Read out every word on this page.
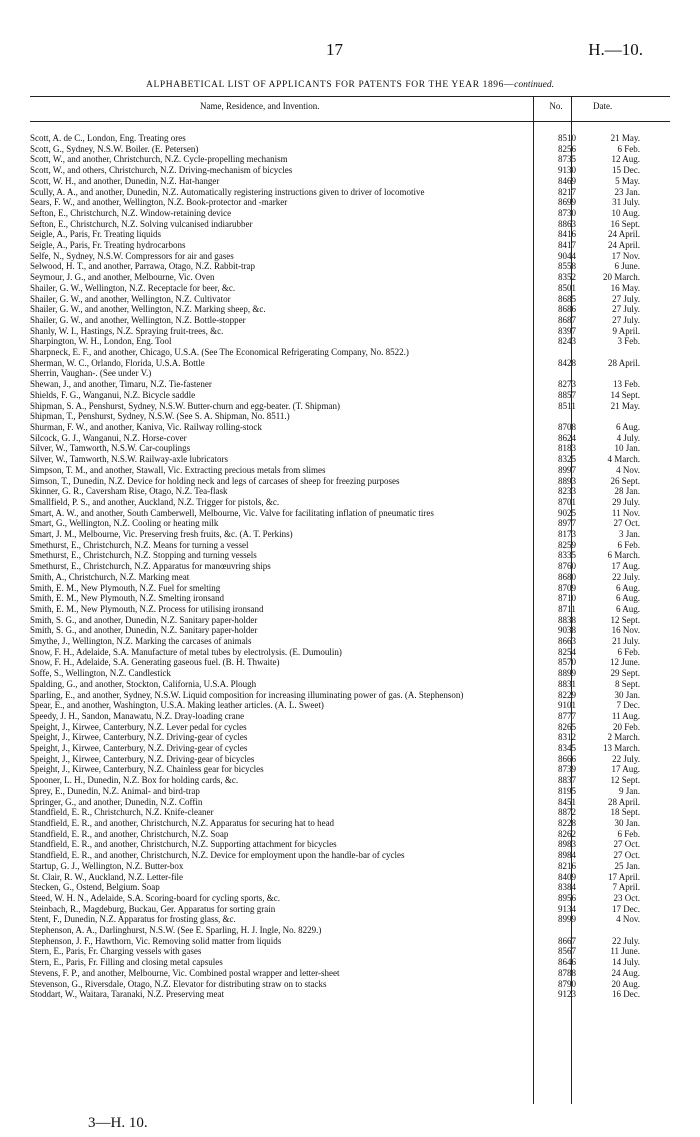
17	H.—10.
ALPHABETICAL LIST OF APPLICANTS FOR PATENTS FOR THE YEAR 1896—continued.
Name, Residence, and Invention.	No.	Date.
Scott, A. de C., London, Eng. Treating ores	8510	21 May.
Scott, G., Sydney, N.S.W. Boiler. (E. Petersen)	8256	6 Feb.
Scott, W., and another, Christchurch, N.Z. Cycle-propelling mechanism	8735	12 Aug.
Scott, W., and others, Christchurch, N.Z. Driving-mechanism of bicycles	9130	15 Dec.
Scott, W. H., and another, Dunedin, N.Z. Hat-hanger	8469	5 May.
Scully, A. A., and another, Dunedin, N.Z. Automatically registering instructions given to driver of locomotive	8217	23 Jan.
Sears, F. W., and another, Wellington, N.Z. Book-protector and -marker	8699	31 July.
Sefton, E., Christchurch, N.Z. Window-retaining device	8730	10 Aug.
Sefton, E., Christchurch, N.Z. Solving vulcanised indiarubber	8863	16 Sept.
Seigle, A., Paris, Fr. Treating liquids	8416	24 April.
Seigle, A., Paris, Fr. Treating hydrocarbons	8417	24 April.
Selfe, N., Sydney, N.S.W. Compressors for air and gases	9044	17 Nov.
Selwood, H. T., and another, Parrawa, Otago, N.Z. Rabbit-trap	8558	6 June.
Seymour, J. G., and another, Melbourne, Vic. Oven	8352	20 March.
Shailer, G. W., Wellington, N.Z. Receptacle for beer, &c.	8501	16 May.
Shailer, G. W., and another, Wellington, N.Z. Cultivator	8685	27 July.
Shailer, G. W., and another, Wellington, N.Z. Marking sheep, &c.	8686	27 July.
Shailer, G. W., and another, Wellington, N.Z. Bottle-stopper	8687	27 July.
Shanly, W. I., Hastings, N.Z. Spraying fruit-trees, &c.	8397	9 April.
Sharpington, W. H., London, Eng. Tool	8243	3 Feb.
Sharpneck, E. F., and another, Chicago, U.S.A. (See The Economical Refrigerating Company, No. 8522.)
Sherman, W. C., Orlando, Florida, U.S.A. Bottle	8428	28 April.
Sherrin, Vaughan-. (See under V.)
Shewan, J., and another, Timaru, N.Z. Tie-fastener	8273	13 Feb.
Shields, F. G., Wanganui, N.Z. Bicycle saddle	8857	14 Sept.
Shipman, S. A., Penshurst, Sydney, N.S.W. Butter-churn and egg-beater. (T. Shipman)	8511	21 May.
Shipman, T., Penshurst, Sydney, N.S.W. (See S. A. Shipman, No. 8511.)
Shurman, F. W., and another, Kaniva, Vic. Railway rolling-stock	8708	6 Aug.
Silcock, G. J., Wanganui, N.Z. Horse-cover	8624	4 July.
Silver, W., Tamworth, N.S.W. Car-couplings	8183	10 Jan.
Silver, W., Tamworth, N.S.W. Railway-axle lubricators	8325	4 March.
Simpson, T. M., and another, Stawall, Vic. Extracting precious metals from slimes	8997	4 Nov.
Simson, T., Dunedin, N.Z. Device for holding neck and legs of carcases of sheep for freezing purposes	8893	26 Sept.
Skinner, G. R., Caversham Rise, Otago, N.Z. Tea-flask	8233	28 Jan.
Smallfield, P. S., and another, Auckland, N.Z. Trigger for pistols, &c.	8701	29 July.
Smart, A. W., and another, South Camberwell, Melbourne, Vic. Valve for facilitating inflation of pneumatic tires	9025	11 Nov.
Smart, G., Wellington, N.Z. Cooling or heating milk	8977	27 Oct.
Smart, J. M., Melbourne, Vic. Preserving fresh fruits, &c. (A. T. Perkins)	8173	3 Jan.
Smethurst, E., Christchurch, N.Z. Means for turning a vessel	8259	6 Feb.
Smethurst, E., Christchurch, N.Z. Stopping and turning vessels	8335	6 March.
Smethurst, E., Christchurch, N.Z. Apparatus for manœuvring ships	8760	17 Aug.
Smith, A., Christchurch, N.Z. Marking meat	8680	22 July.
Smith, E. M., New Plymouth, N.Z. Fuel for smelting	8709	6 Aug.
Smith, E. M., New Plymouth, N.Z. Smelting ironsand	8710	6 Aug.
Smith, E. M., New Plymouth, N.Z. Process for utilising ironsand	8711	6 Aug.
Smith, S. G., and another, Dunedin, N.Z. Sanitary paper-holder	8838	12 Sept.
Smith, S. G., and another, Dunedin, N.Z. Sanitary paper-holder	9038	16 Nov.
Smythe, J., Wellington, N.Z. Marking the carcases of animals	8663	21 July.
Snow, F. H., Adelaide, S.A. Manufacture of metal tubes by electrolysis. (E. Dumoulin)	8254	6 Feb.
Snow, F. H., Adelaide, S.A. Generating gaseous fuel. (B. H. Thwaite)	8570	12 June.
Soffe, S., Wellington, N.Z. Candlestick	8899	29 Sept.
Spalding, G., and another, Stockton, California, U.S.A. Plough	8831	8 Sept.
Sparling, E., and another, Sydney, N.S.W. Liquid composition for increasing illuminating power of gas. (A. Stephenson)	8229	30 Jan.
Spear, E., and another, Washington, U.S.A. Making leather articles. (A. L. Sweet)	9101	7 Dec.
Speedy, J. H., Sandon, Manawatu, N.Z. Dray-loading crane	8777	11 Aug.
Speight, J., Kirwee, Canterbury, N.Z. Lever pedal for cycles	8265	20 Feb.
Speight, J., Kirwee, Canterbury, N.Z. Driving-gear of cycles	8312	2 March.
Speight, J., Kirwee, Canterbury, N.Z. Driving-gear of cycles	8345	13 March.
Speight, J., Kirwee, Canterbury, N.Z. Driving-gear of bicycles	8666	22 July.
Speight, J., Kirwee, Canterbury, N.Z. Chainless gear for bicycles	8739	17 Aug.
Spooner, L. H., Dunedin, N.Z. Box for holding cards, &c.	8837	12 Sept.
Sprey, E., Dunedin, N.Z. Animal- and bird-trap	8195	9 Jan.
Springer, G., and another, Dunedin, N.Z. Coffin	8451	28 April.
Standfield, E. R., Christchurch, N.Z. Knife-cleaner	8872	18 Sept.
Standfield, E. R., and another, Christchurch, N.Z. Apparatus for securing hat to head	8228	30 Jan.
Standfield, E. R., and another, Christchurch, N.Z. Soap	8262	6 Feb.
Standfield, E. R., and another, Christchurch, N.Z. Supporting attachment for bicycles	8983	27 Oct.
Standfield, E. R., and another, Christchurch, N.Z. Device for employment upon the handle-bar of cycles	8984	27 Oct.
Startup, G. J., Wellington, N.Z. Butter-box	8216	25 Jan.
St. Clair, R. W., Auckland, N.Z. Letter-file	8409	17 April.
Stecken, G., Ostend, Belgium. Soap	8384	7 April.
Steed, W. H. N., Adelaide, S.A. Scoring-board for cycling sports, &c.	8956	23 Oct.
Steinbach, R., Magdeburg, Buckau, Ger. Apparatus for sorting grain	9134	17 Dec.
Stent, F., Dunedin, N.Z. Apparatus for frosting glass, &c.	8999	4 Nov.
Stephenson, A. A., Darlinghurst, N.S.W. (See E. Sparling, H. J. Ingle, No. 8229.)
Stephenson, J. F., Hawthorn, Vic. Removing solid matter from liquids	8667	22 July.
Stern, E., Paris, Fr. Charging vessels with gases	8567	11 June.
Stern, E., Paris, Fr. Filling and closing metal capsules	8646	14 July.
Stevens, F. P., and another, Melbourne, Vic. Combined postal wrapper and letter-sheet	8788	24 Aug.
Stevenson, G., Riversdale, Otago, N.Z. Elevator for distributing straw on to stacks	8790	20 Aug.
Stoddart, W., Waitara, Taranaki, N.Z. Preserving meat	9123	16 Dec.
3—H. 10.
